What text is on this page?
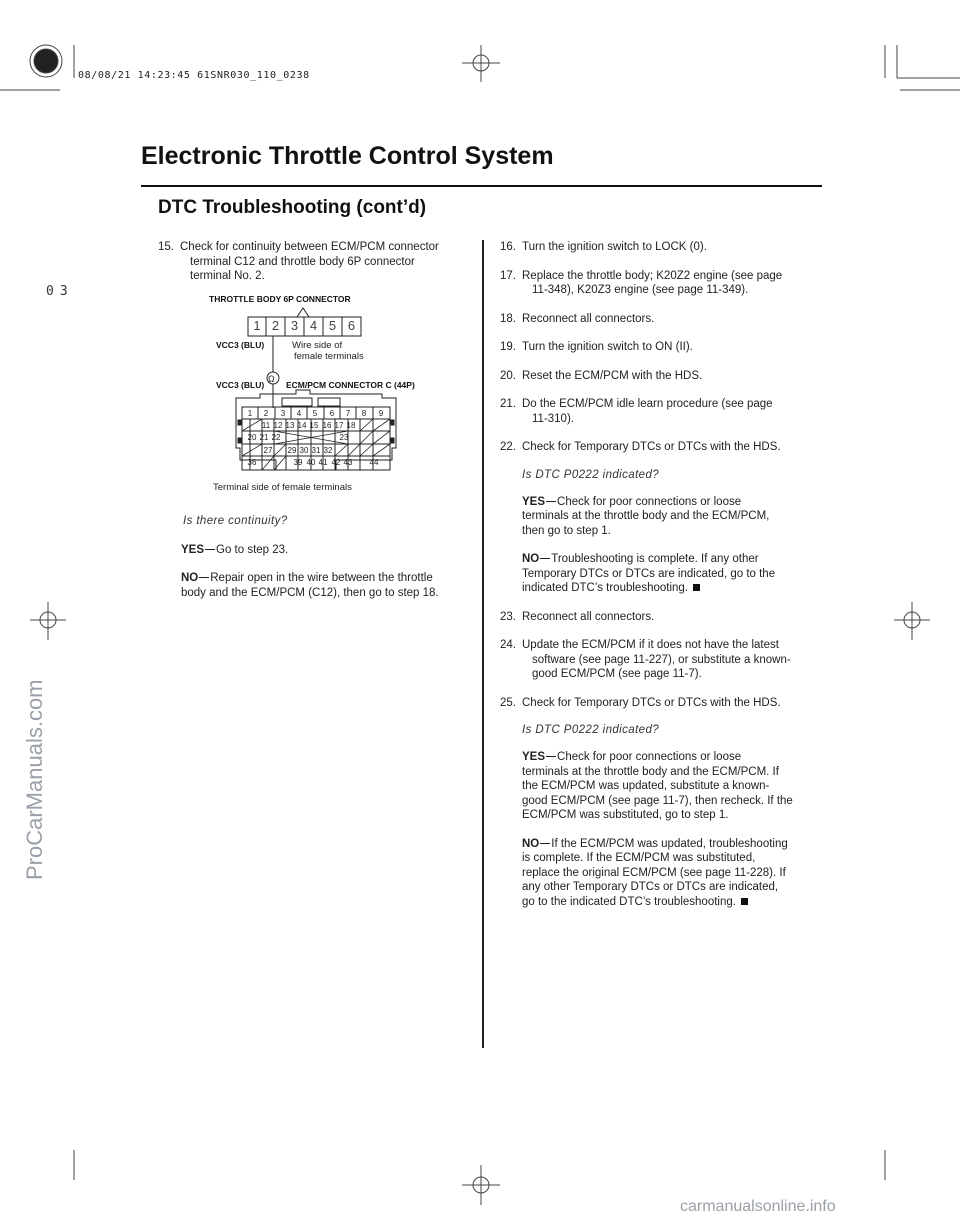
08/08/21 14:23:45 61SNR030_110_0238
03
ProCarManuals.com
carmanualsonline.info
Electronic Throttle Control System
DTC Troubleshooting (cont’d)
15. Check for continuity between ECM/PCM connector
terminal C12 and throttle body 6P connector
terminal No. 2.
THROTTLE BODY 6P CONNECTOR
Ω
1 2 3 4 5 6
VCC3 (BLU)	Wire side of
female terminals
VCC3 (BLU)	ECM/PCM CONNECTOR C (44P)
1	2	3	4	5	6	7	8	9
11 12 13 14 15 16 17 18
20 21 22	23
27	29 30 31 32
36	39 40 41 42 43	44
Terminal side of female terminals
Is there continuity?
YES Go to step 23.
NO Repair open in the wire between the throttle
body and the ECM/PCM (C12), then go to step 18.
16. Turn the ignition switch to LOCK (0).
17. Replace the throttle body; K20Z2 engine (see page
11-348), K20Z3 engine (see page 11-349).
18. Reconnect all connectors.
19. Turn the ignition switch to ON (II).
20. Reset the ECM/PCM with the HDS.
21. Do the ECM/PCM idle learn procedure (see page
11-310).
22. Check for Temporary DTCs or DTCs with the HDS.
Is DTC P0222 indicated?
YES Check for poor connections or loose
terminals at the throttle body and the ECM/PCM,
then go to step 1.
NO Troubleshooting is complete. If any other
Temporary DTCs or DTCs are indicated, go to the
indicated DTC’s troubleshooting.
23. Reconnect all connectors.
24. Update the ECM/PCM if it does not have the latest
software (see page 11-227), or substitute a known-
good ECM/PCM (see page 11-7).
25. Check for Temporary DTCs or DTCs with the HDS.
Is DTC P0222 indicated?
YES Check for poor connections or loose
terminals at the throttle body and the ECM/PCM. If
the ECM/PCM was updated, substitute a known-
good ECM/PCM (see page 11-7), then recheck. If the
ECM/PCM was substituted, go to step 1.
NO If the ECM/PCM was updated, troubleshooting
is complete. If the ECM/PCM was substituted,
replace the original ECM/PCM (see page 11-228). If
any other Temporary DTCs or DTCs are indicated,
go to the indicated DTC’s troubleshooting.
